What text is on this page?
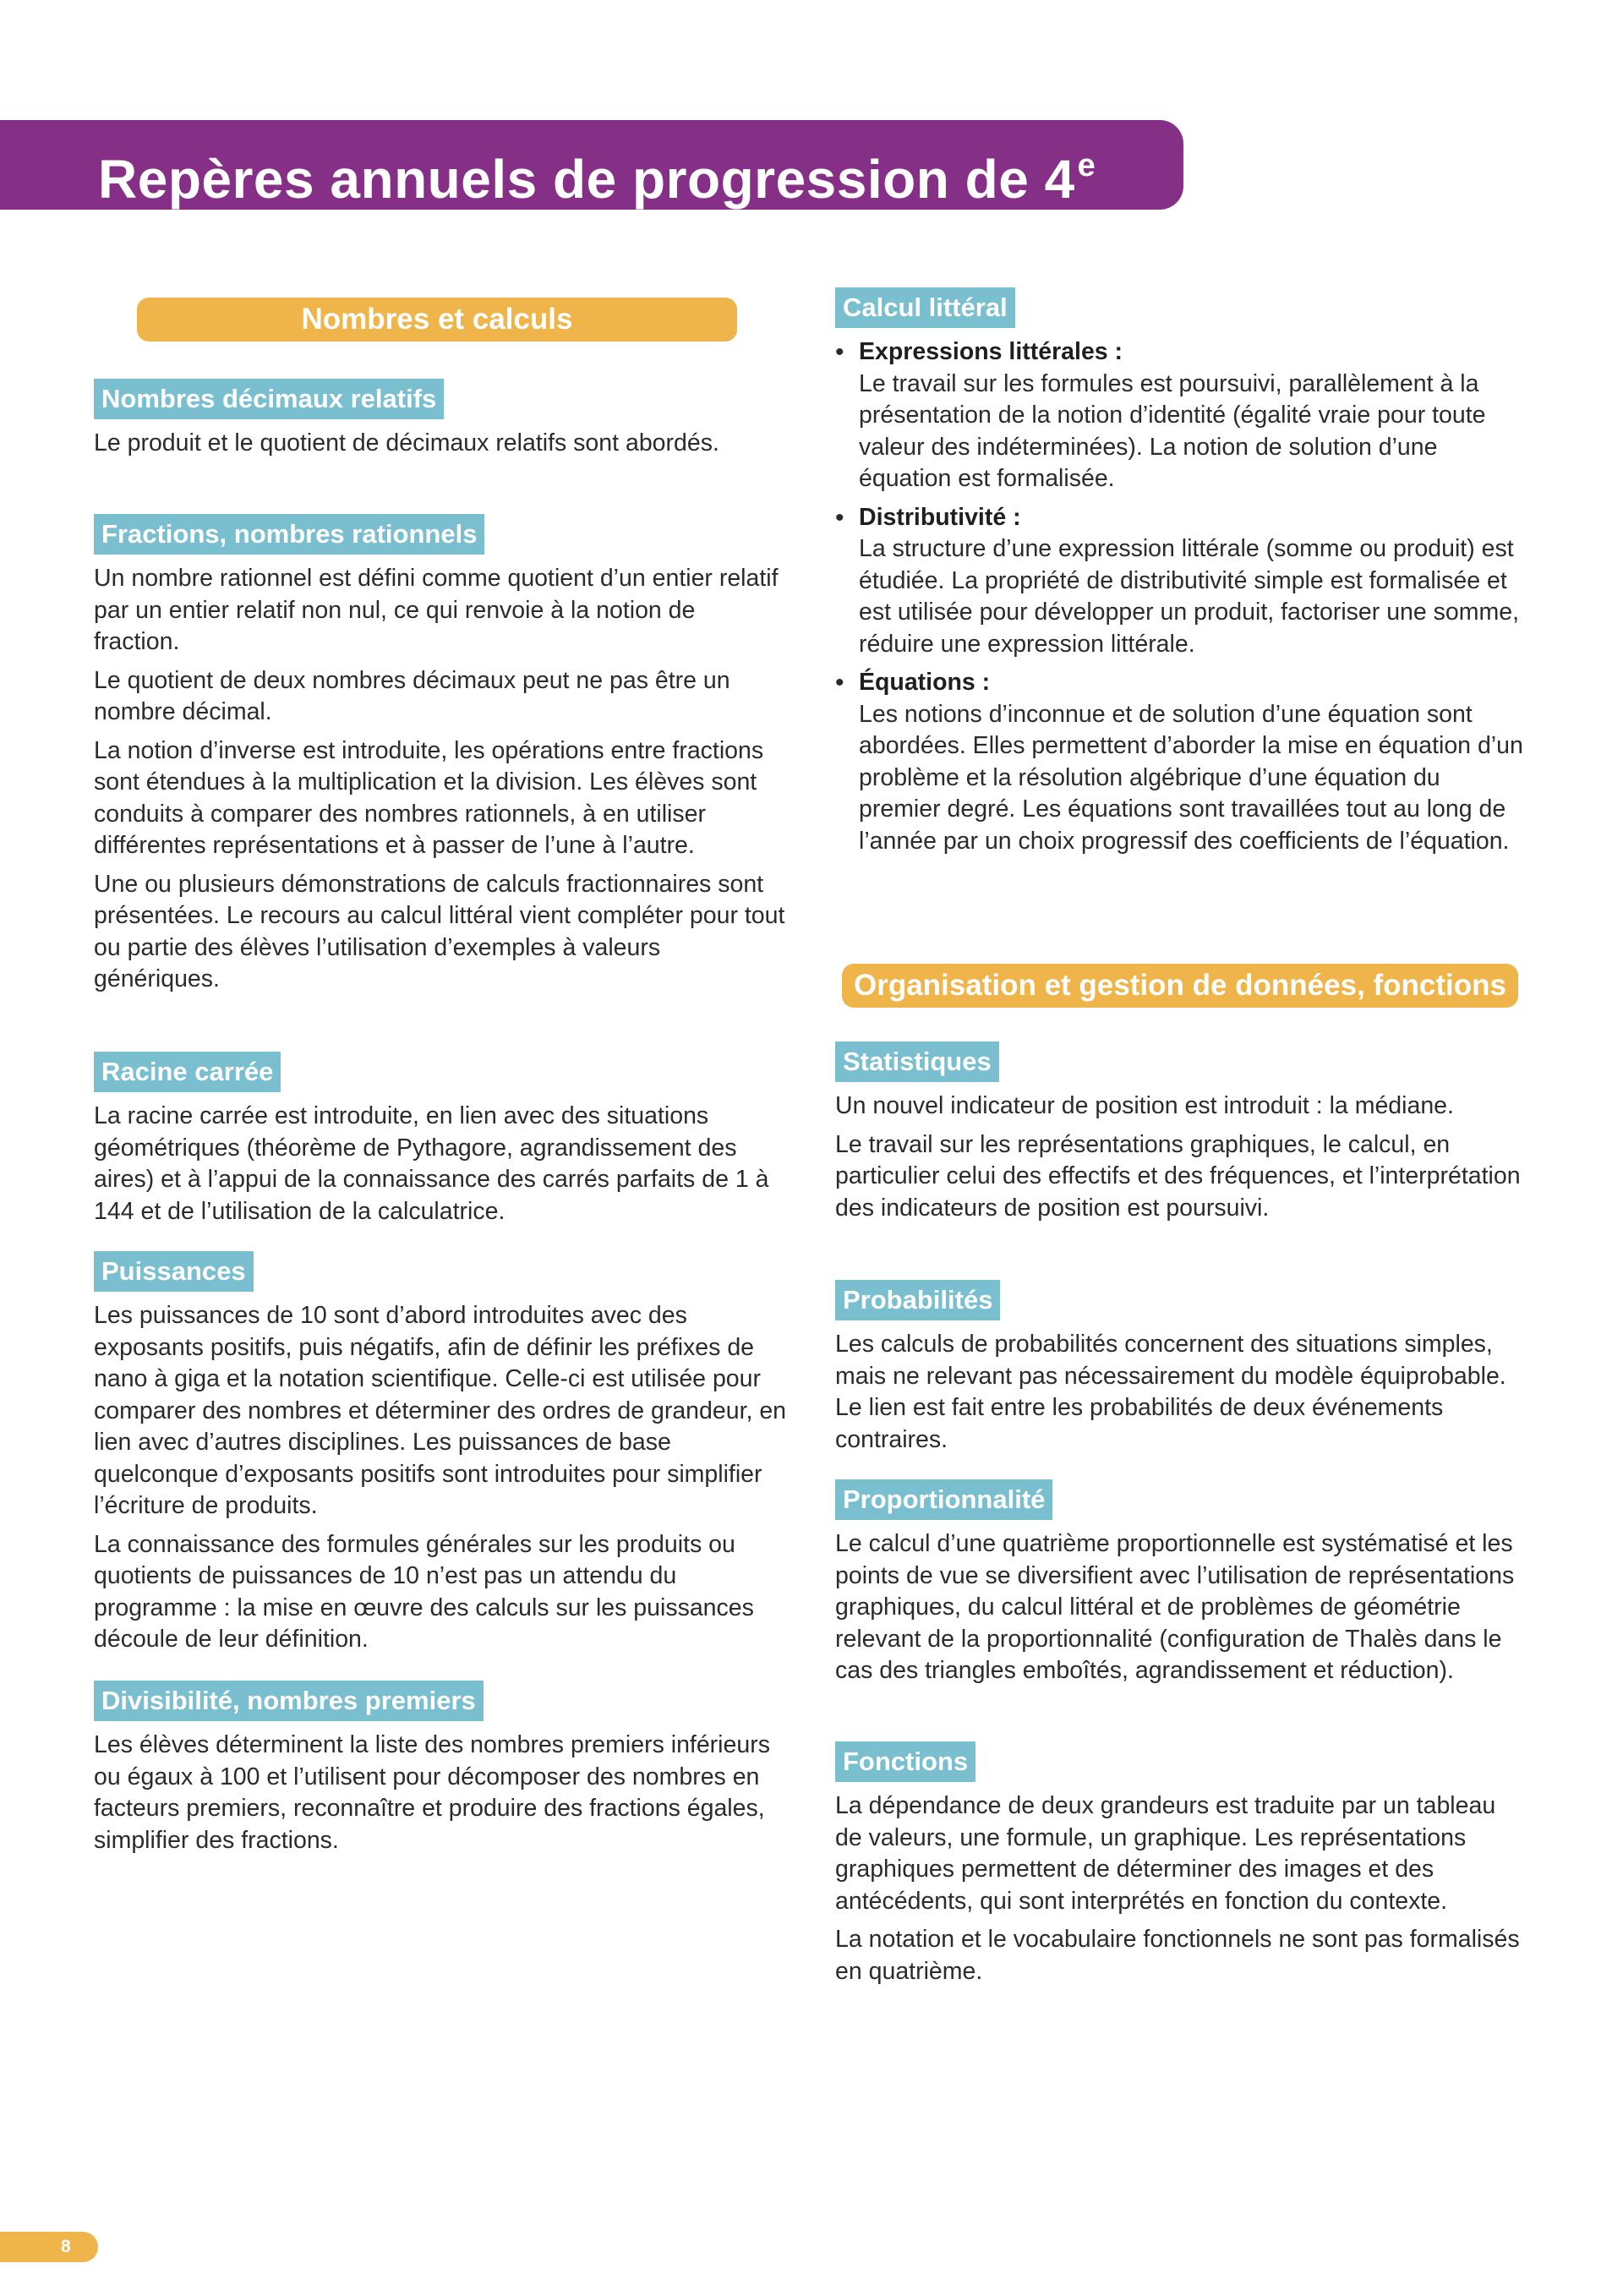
Repères annuels de progression de 4e
Nombres et calculs
Nombres décimaux relatifs

Le produit et le quotient de décimaux relatifs sont abordés.

Fractions, nombres rationnels

Un nombre rationnel est défini comme quotient d’un entier relatif par un entier relatif non nul, ce qui renvoie à la notion de fraction.

Le quotient de deux nombres décimaux peut ne pas être un nombre décimal.

La notion d’inverse est introduite, les opérations entre fractions sont étendues à la multiplication et la division. Les élèves sont conduits à comparer des nombres rationnels, à en utiliser différentes représentations et à passer de l’une à l’autre.

Une ou plusieurs démonstrations de calculs fractionnaires sont présentées. Le recours au calcul littéral vient compléter pour tout ou partie des élèves l’utilisation d’exemples à valeurs génériques.

Racine carrée

La racine carrée est introduite, en lien avec des situations géométriques (théorème de Pythagore, agrandissement des aires) et à l’appui de la connaissance des carrés parfaits de 1 à 144 et de l’utilisation de la calculatrice.

Puissances

Les puissances de 10 sont d’abord introduites avec des exposants positifs, puis négatifs, afin de définir les préfixes de nano à giga et la notation scientifique. Celle-ci est utilisée pour comparer des nombres et déterminer des ordres de grandeur, en lien avec d’autres disciplines. Les puissances de base quelconque d’exposants positifs sont introduites pour simplifier l’écriture de produits.

La connaissance des formules générales sur les produits ou quotients de puissances de 10 n’est pas un attendu du programme : la mise en œuvre des calculs sur les puissances découle de leur définition.

Divisibilité, nombres premiers

Les élèves déterminent la liste des nombres premiers inférieurs ou égaux à 100 et l’utilisent pour décomposer des nombres en facteurs premiers, reconnaître et produire des fractions égales, simplifier des fractions.

Calcul littéral
• Expressions littérales :

Le travail sur les formules est poursuivi, parallèlement à la présentation de la notion d’identité (égalité vraie pour toute valeur des indéterminées). La notion de solution d’une équation est formalisée.

• Distributivité :

La structure d’une expression littérale (somme ou produit) est étudiée. La propriété de distributivité simple est formalisée et est utilisée pour développer un produit, factoriser une somme, réduire une expression littérale.

• Équations :

Les notions d’inconnue et de solution d’une équation sont abordées. Elles permettent d’aborder la mise en équation d’un problème et la résolution algébrique d’une équation du premier degré. Les équations sont travaillées tout au long de l’année par un choix progressif des coefficients de l’équation.

Organisation et gestion de données, fonctions
Statistiques

Un nouvel indicateur de position est introduit : la médiane.

Le travail sur les représentations graphiques, le calcul, en particulier celui des effectifs et des fréquences, et l’interprétation des indicateurs de position est poursuivi.

Probabilités

Les calculs de probabilités concernent des situations simples, mais ne relevant pas nécessairement du modèle équiprobable. Le lien est fait entre les probabilités de deux événements contraires.

Proportionnalité

Le calcul d’une quatrième proportionnelle est systématisé et les points de vue se diversifient avec l’utilisation de représentations graphiques, du calcul littéral et de problèmes de géométrie relevant de la proportionnalité (configuration de Thalès dans le cas des triangles emboîtés, agrandissement et réduction).

Fonctions

La dépendance de deux grandeurs est traduite par un tableau de valeurs, une formule, un graphique. Les représentations graphiques permettent de déterminer des images et des antécédents, qui sont interprétés en fonction du contexte.

La notation et le vocabulaire fonctionnels ne sont pas formalisés en quatrième.

8
